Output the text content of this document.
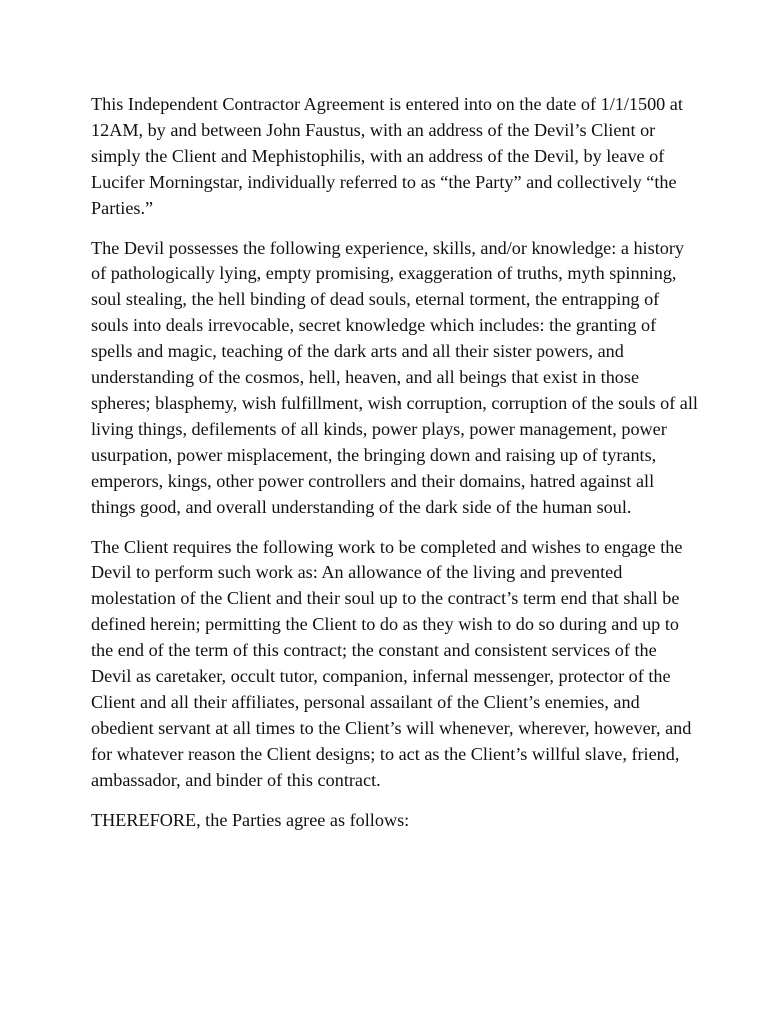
This Independent Contractor Agreement is entered into on the date of 1/1/1500 at 12AM, by and between John Faustus, with an address of the Devil’s Client or simply the Client and Mephistophilis, with an address of the Devil, by leave of Lucifer Morningstar, individually referred to as “the Party” and collectively “the Parties.”

The Devil possesses the following experience, skills, and/or knowledge: a history of pathologically lying, empty promising, exaggeration of truths, myth spinning, soul stealing, the hell binding of dead souls, eternal torment, the entrapping of souls into deals irrevocable, secret knowledge which includes: the granting of spells and magic, teaching of the dark arts and all their sister powers, and understanding of the cosmos, hell, heaven, and all beings that exist in those spheres; blasphemy, wish fulfillment, wish corruption, corruption of the souls of all living things, defilements of all kinds, power plays, power management, power usurpation, power misplacement, the bringing down and raising up of tyrants, emperors, kings, other power controllers and their domains, hatred against all things good, and overall understanding of the dark side of the human soul.

The Client requires the following work to be completed and wishes to engage the Devil to perform such work as: An allowance of the living and prevented molestation of the Client and their soul up to the contract’s term end that shall be defined herein; permitting the Client to do as they wish to do so during and up to the end of the term of this contract; the constant and consistent services of the Devil as caretaker, occult tutor, companion, infernal messenger, protector of the Client and all their affiliates, personal assailant of the Client’s enemies, and obedient servant at all times to the Client’s will whenever, wherever, however, and for whatever reason the Client designs; to act as the Client’s willful slave, friend, ambassador, and binder of this contract.

THEREFORE, the Parties agree as follows:
